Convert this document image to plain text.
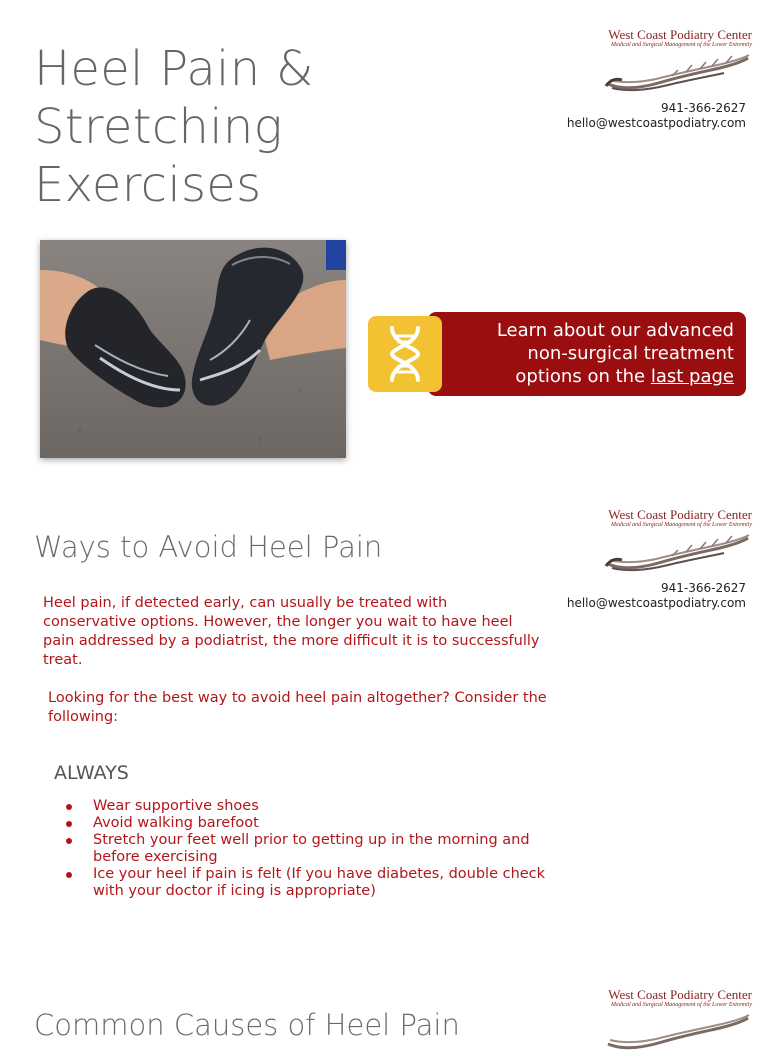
Heel Pain &
Stretching
Exercises
West Coast Podiatry Center
Medical and Surgical Management of the Lower Extremity
941-366-2627
hello@westcoastpodiatry.com
Learn about our advanced
non-surgical treatment
options on the last page
West Coast Podiatry Center
Medical and Surgical Management of the Lower Extremity
941-366-2627
hello@westcoastpodiatry.com
Ways to Avoid Heel Pain

Heel pain, if detected early, can usually be treated with conservative options. However, the longer you wait to have heel pain addressed by a podiatrist, the more difficult it is to successfully treat.

Looking for the best way to avoid heel pain altogether? Consider the following:

ALWAYS
Wear supportive shoes
Avoid walking barefoot
Stretch your feet well prior to getting up in the morning and before exercising
Ice your heel if pain is felt (If you have diabetes, double check with your doctor if icing is appropriate)
West Coast Podiatry Center
Medical and Surgical Management of the Lower Extremity
Common Causes of Heel Pain
